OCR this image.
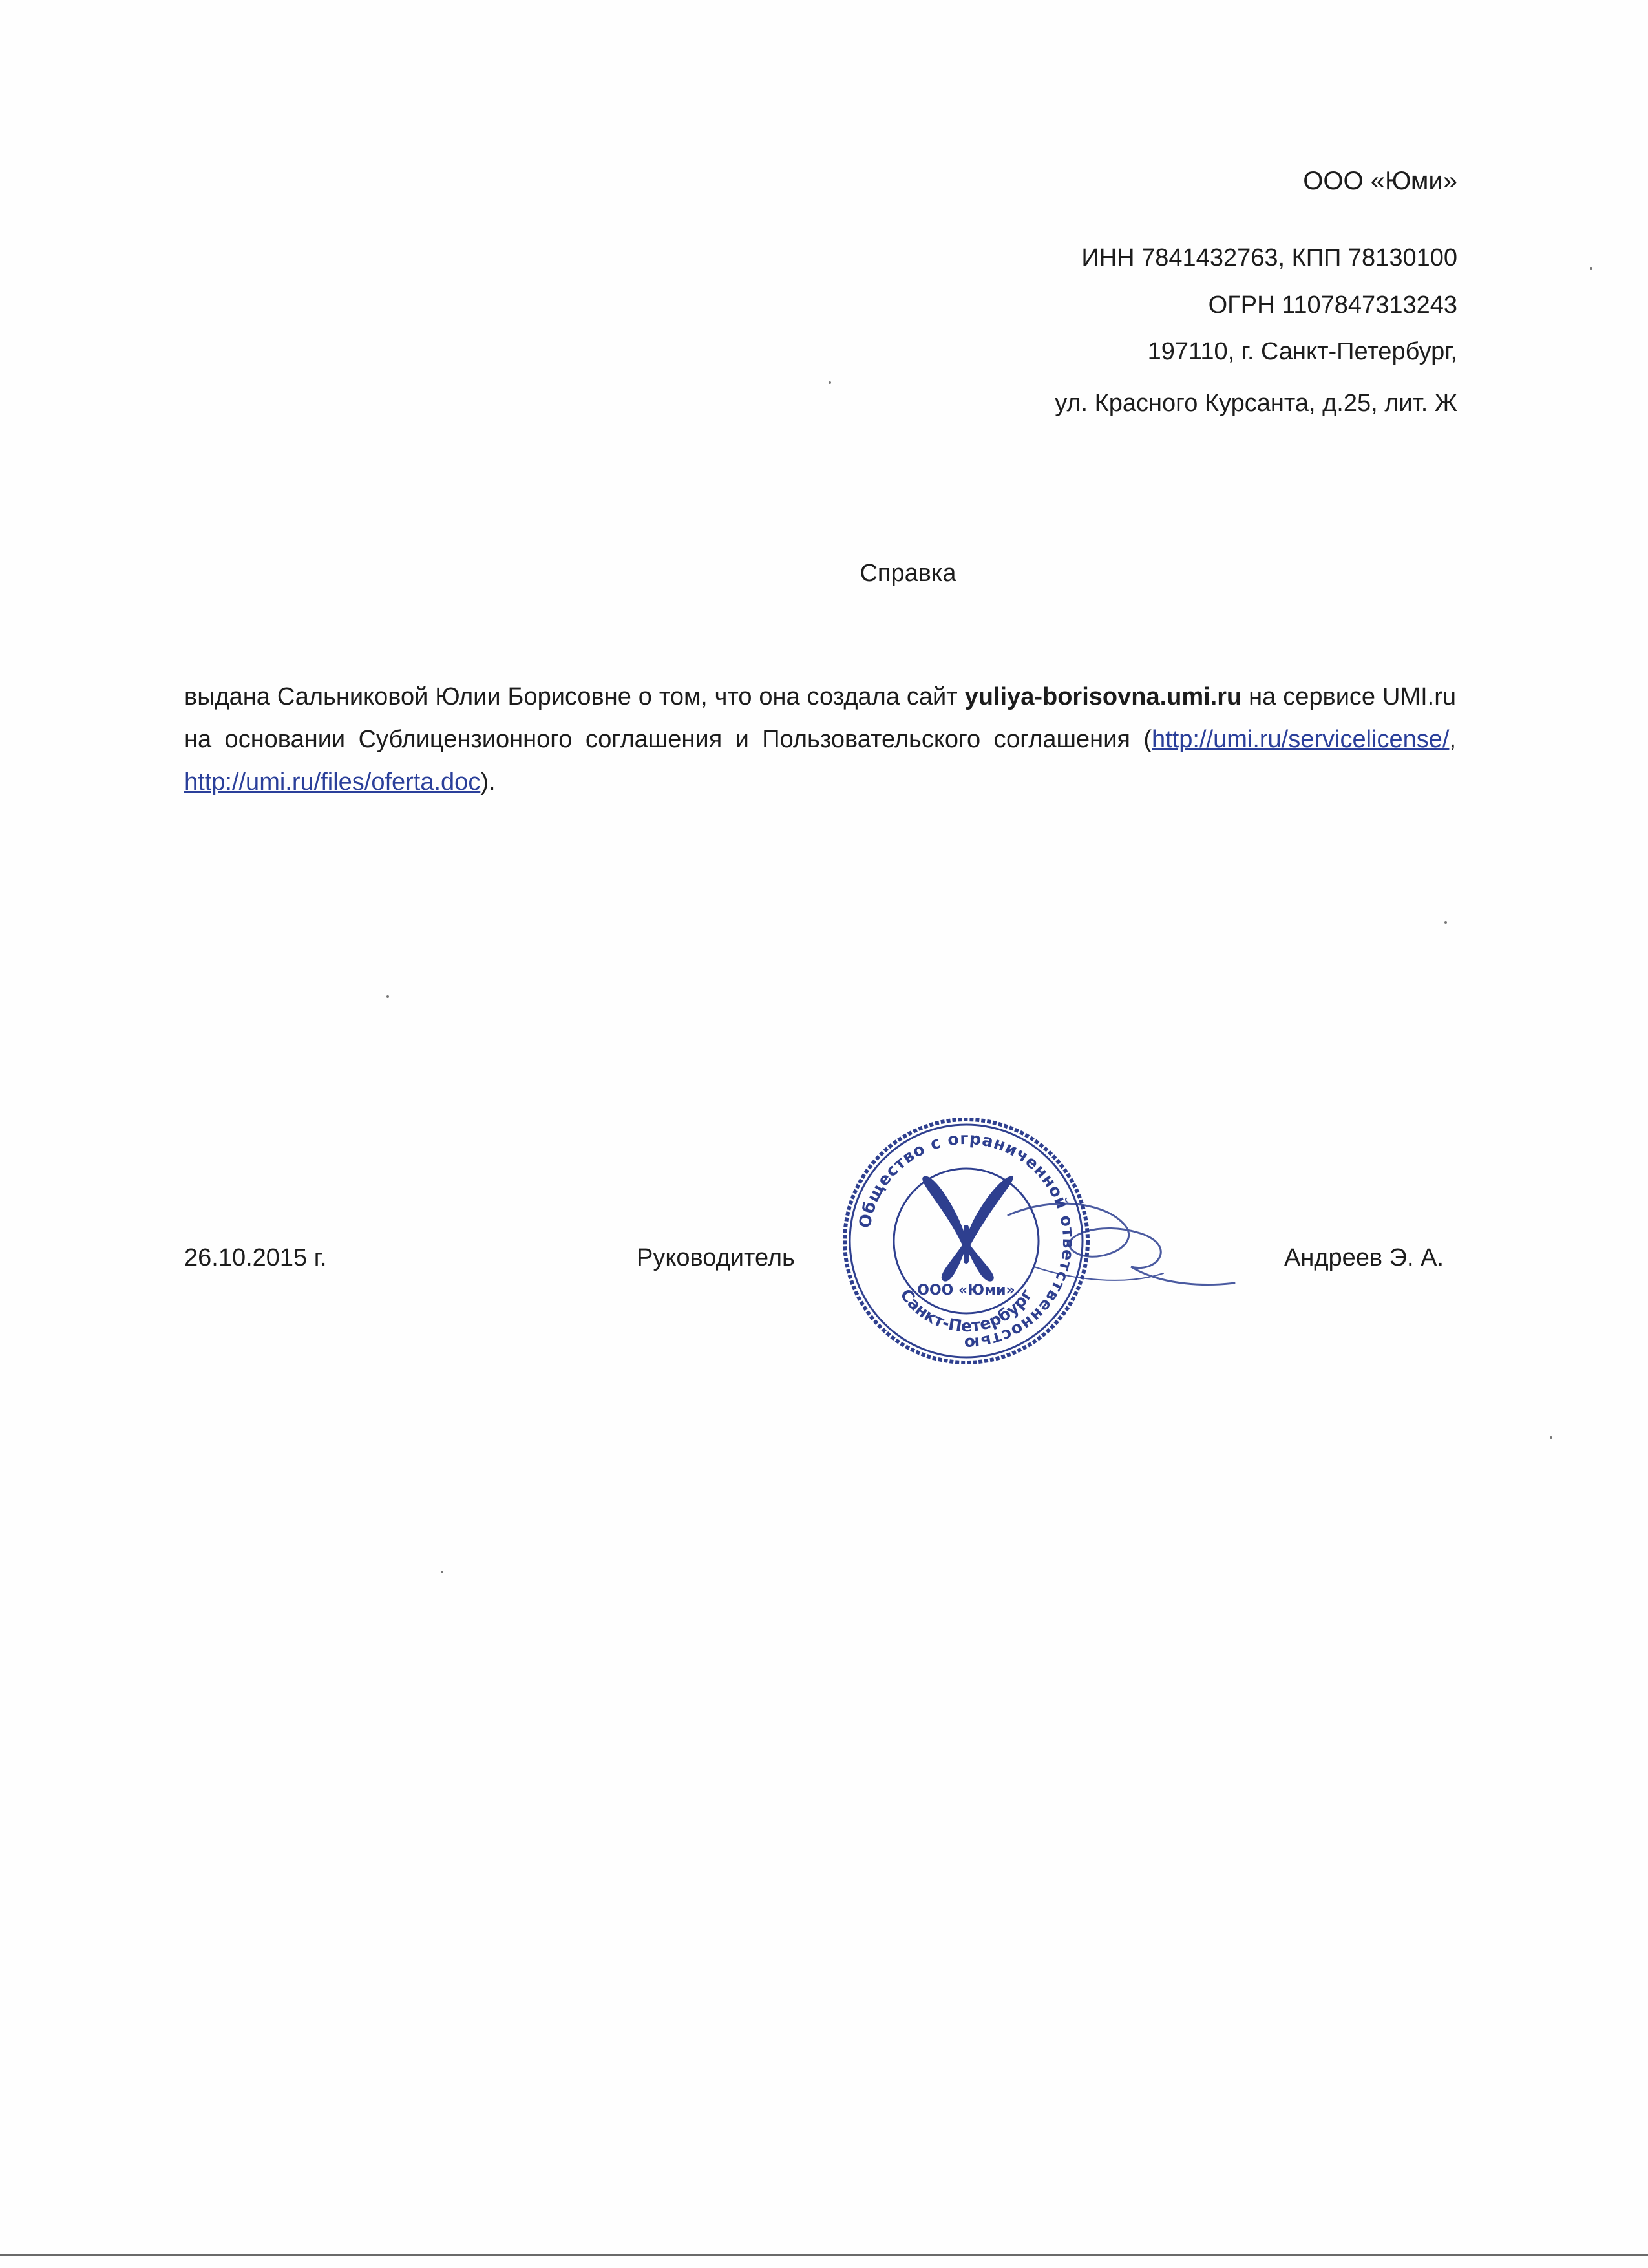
ООО «Юми»
ИНН 7841432763, КПП 78130100
ОГРН 1107847313243
197110, г. Санкт-Петербург,
ул. Красного Курсанта, д.25, лит. Ж
Справка
выдана Сальниковой Юлии Борисовне о том, что она создала сайт yuliya-borisovna.umi.ru на сервисе UMI.ru на основании Сублицензионного соглашения и Пользовательского соглашения (http://umi.ru/servicelicense/, http://umi.ru/files/oferta.doc).
26.10.2015 г.	Руководитель	Андреев Э. А.
Общество с ограниченной ответственностью
ООО «Юми»
Санкт-Петербург
